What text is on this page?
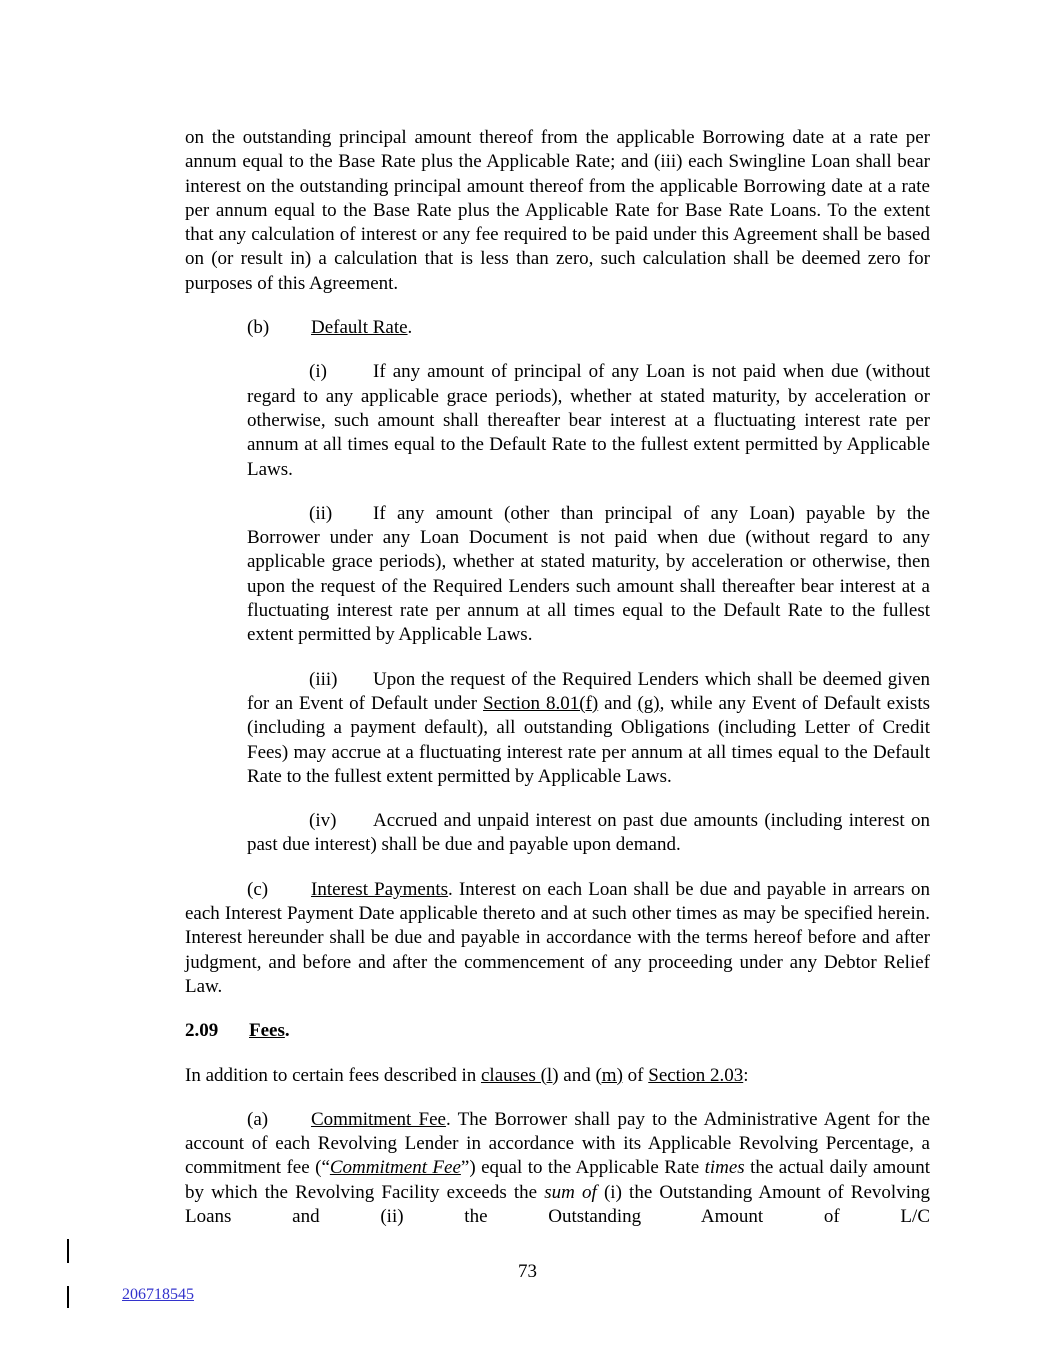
on the outstanding principal amount thereof from the applicable Borrowing date at a rate per annum equal to the Base Rate plus the Applicable Rate; and (iii) each Swingline Loan shall bear interest on the outstanding principal amount thereof from the applicable Borrowing date at a rate per annum equal to the Base Rate plus the Applicable Rate for Base Rate Loans. To the extent that any calculation of interest or any fee required to be paid under this Agreement shall be based on (or result in) a calculation that is less than zero, such calculation shall be deemed zero for purposes of this Agreement.

(b) Default Rate.

(i) If any amount of principal of any Loan is not paid when due (without regard to any applicable grace periods), whether at stated maturity, by acceleration or otherwise, such amount shall thereafter bear interest at a fluctuating interest rate per annum at all times equal to the Default Rate to the fullest extent permitted by Applicable Laws.

(ii) If any amount (other than principal of any Loan) payable by the Borrower under any Loan Document is not paid when due (without regard to any applicable grace periods), whether at stated maturity, by acceleration or otherwise, then upon the request of the Required Lenders such amount shall thereafter bear interest at a fluctuating interest rate per annum at all times equal to the Default Rate to the fullest extent permitted by Applicable Laws.

(iii) Upon the request of the Required Lenders which shall be deemed given for an Event of Default under Section 8.01(f) and (g), while any Event of Default exists (including a payment default), all outstanding Obligations (including Letter of Credit Fees) may accrue at a fluctuating interest rate per annum at all times equal to the Default Rate to the fullest extent permitted by Applicable Laws.

(iv) Accrued and unpaid interest on past due amounts (including interest on past due interest) shall be due and payable upon demand.

(c) Interest Payments. Interest on each Loan shall be due and payable in arrears on each Interest Payment Date applicable thereto and at such other times as may be specified herein. Interest hereunder shall be due and payable in accordance with the terms hereof before and after judgment, and before and after the commencement of any proceeding under any Debtor Relief Law.

2.09 Fees.

In addition to certain fees described in clauses (l) and (m) of Section 2.03:

(a) Commitment Fee. The Borrower shall pay to the Administrative Agent for the account of each Revolving Lender in accordance with its Applicable Revolving Percentage, a commitment fee (“Commitment Fee”) equal to the Applicable Rate times the actual daily amount by which the Revolving Facility exceeds the sum of (i) the Outstanding Amount of Revolving Loans and (ii) the Outstanding Amount of L/C

73
206718545
